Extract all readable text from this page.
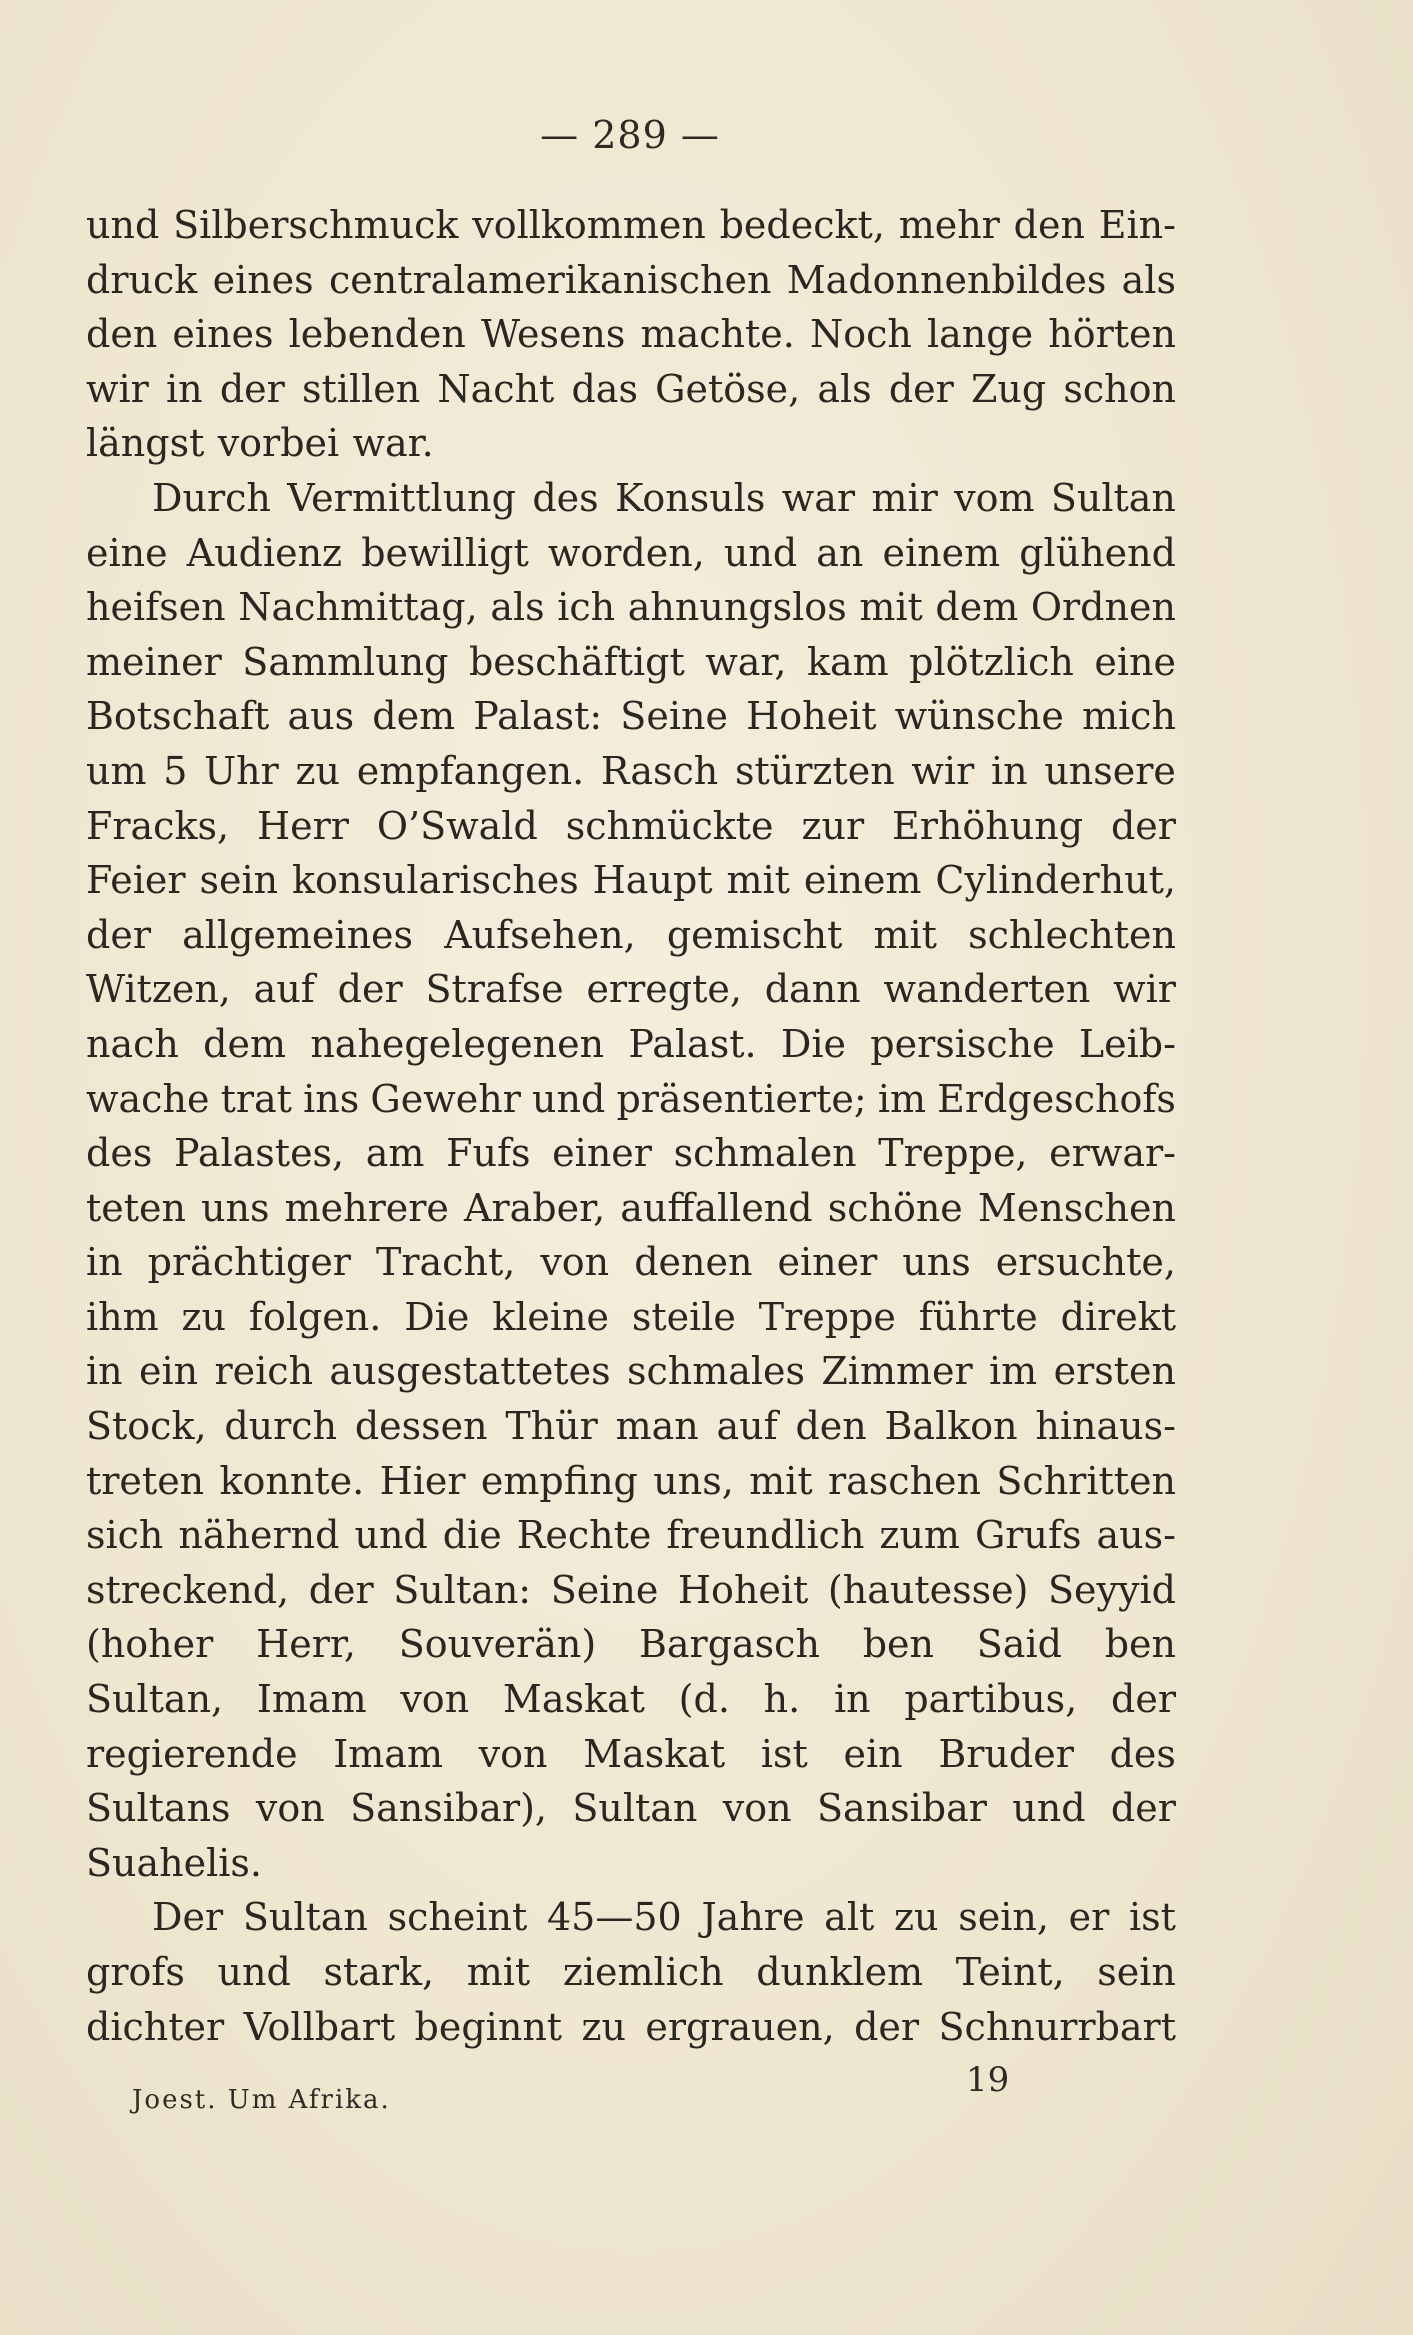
— 289 —
und Silberschmuck vollkommen bedeckt, mehr den Ein-
druck eines centralamerikanischen Madonnenbildes als
den eines lebenden Wesens machte. Noch lange hörten
wir in der stillen Nacht das Getöse, als der Zug schon
längst vorbei war.
Durch Vermittlung des Konsuls war mir vom Sultan
eine Audienz bewilligt worden, und an einem glühend
heifsen Nachmittag, als ich ahnungslos mit dem Ordnen
meiner Sammlung beschäftigt war, kam plötzlich eine
Botschaft aus dem Palast: Seine Hoheit wünsche mich
um 5 Uhr zu empfangen. Rasch stürzten wir in unsere
Fracks, Herr O’Swald schmückte zur Erhöhung der
Feier sein konsularisches Haupt mit einem Cylinderhut,
der allgemeines Aufsehen, gemischt mit schlechten
Witzen, auf der Strafse erregte, dann wanderten wir
nach dem nahegelegenen Palast. Die persische Leib-
wache trat ins Gewehr und präsentierte; im Erdgeschofs
des Palastes, am Fufs einer schmalen Treppe, erwar-
teten uns mehrere Araber, auffallend schöne Menschen
in prächtiger Tracht, von denen einer uns ersuchte,
ihm zu folgen. Die kleine steile Treppe führte direkt
in ein reich ausgestattetes schmales Zimmer im ersten
Stock, durch dessen Thür man auf den Balkon hinaus-
treten konnte. Hier empfing uns, mit raschen Schritten
sich nähernd und die Rechte freundlich zum Grufs aus-
streckend, der Sultan: Seine Hoheit (hautesse) Seyyid
(hoher Herr, Souverän) Bargasch ben Said ben
Sultan, Imam von Maskat (d. h. in partibus, der
regierende Imam von Maskat ist ein Bruder des
Sultans von Sansibar), Sultan von Sansibar und der
Suahelis.
Der Sultan scheint 45—50 Jahre alt zu sein, er ist
grofs und stark, mit ziemlich dunklem Teint, sein
dichter Vollbart beginnt zu ergrauen, der Schnurrbart
Joest. Um Afrika.	19
